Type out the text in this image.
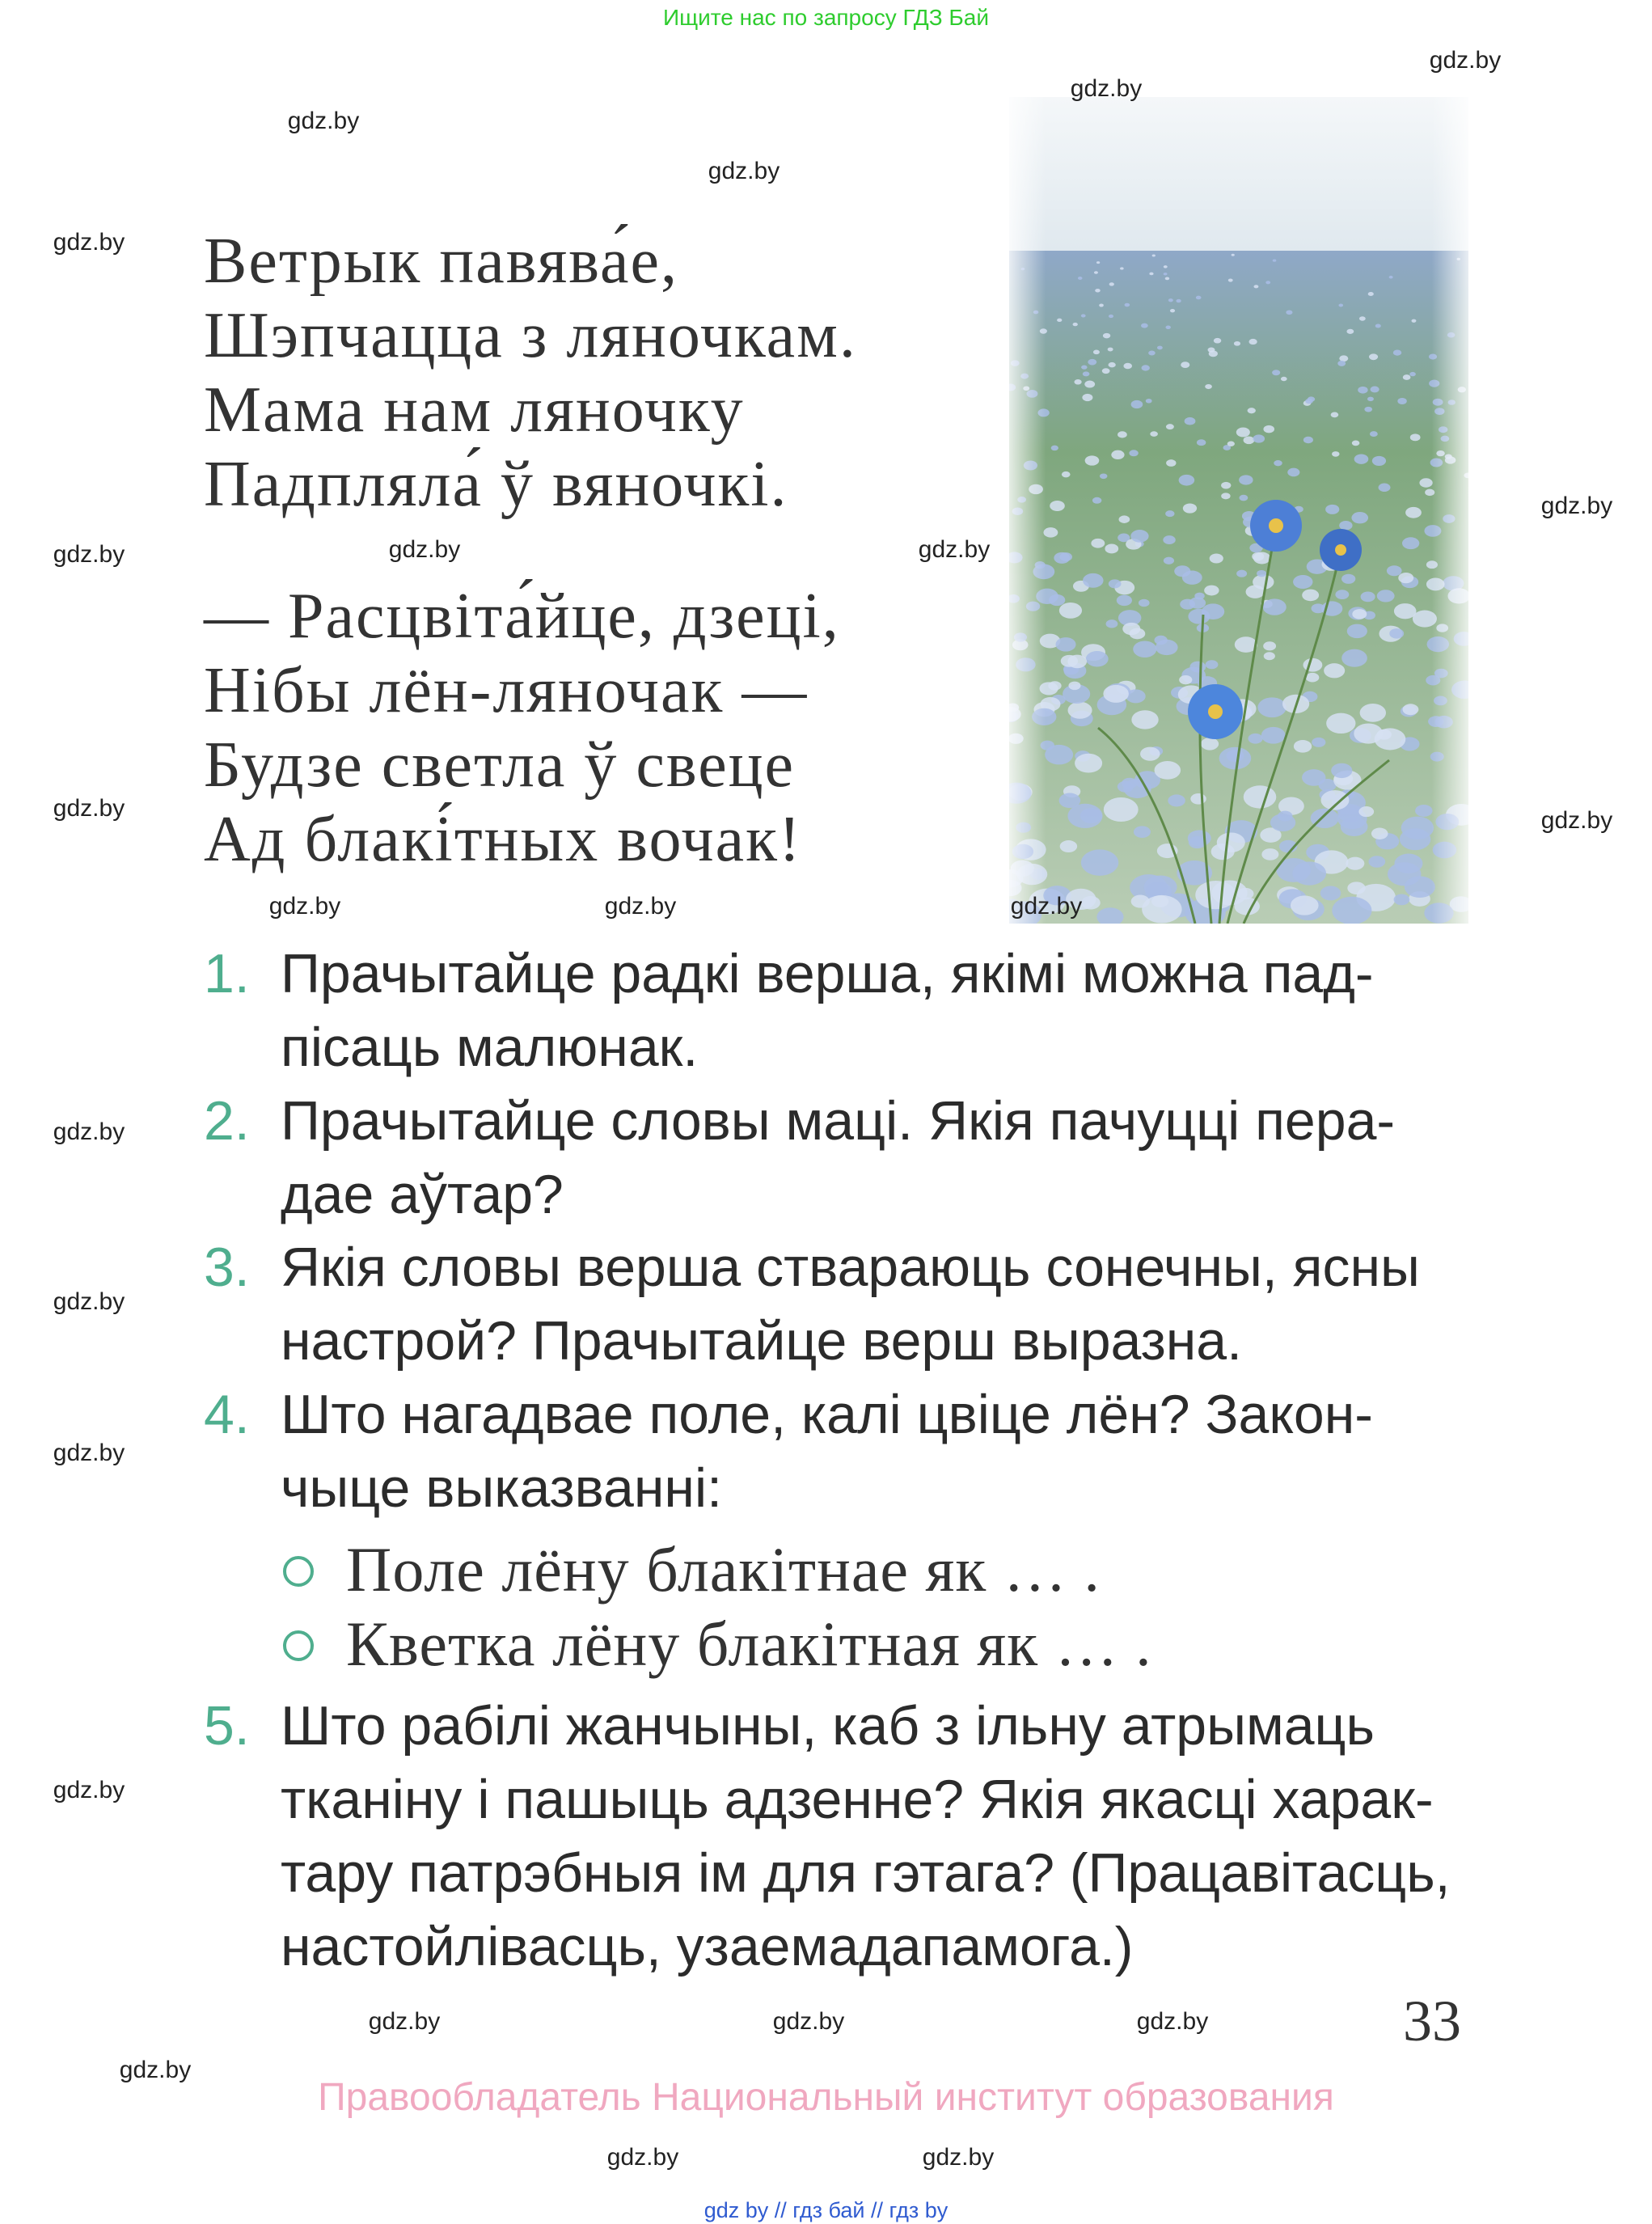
Ищите нас по запросу ГДЗ Бай
Ветрык павява́е,
Шэпчацца з ляночкам.
Мама нам ляночку
Падпляла́ ў вяночкі.
— Расцвіта́йце, дзеці,
Нібы лён-ляночак —
Будзе светла ў свеце
Ад блакі́тных вочак!
1. Прачытайце радкі верша, якімі можна пад-
пісаць малюнак.
2. Прачытайце словы маці. Якія пачуцці пера-
дае аўтар?
3. Якія словы верша ствараюць сонечны, ясны
настрой? Прачытайце верш выразна.
4. Што нагадвае поле, калі цвіце лён? Закон-
чыце выказванні:
Поле лёну блакітнае як … .
Кветка лёну блакітная як … .
5. Што рабілі жанчыны, каб з ільну атрымаць
тканіну і пашыць адзенне? Якія якасці харак-
тару патрэбныя ім для гэтага? (Працавітасць,
настойлівасць, узаемадапамога.)
33
Правообладатель Национальный институт образования
gdz by // гдз бай // гдз by
gdz.by
gdz.by
gdz.by
gdz.by
gdz.by
gdz.by	gdz.by	gdz.by
gdz.by
gdz.by
gdz.by
gdz.by	gdz.by	gdz.by
gdz.by
gdz.by
gdz.by
gdz.by
gdz.by	gdz.by	gdz.by
gdz.by
gdz.by	gdz.by
